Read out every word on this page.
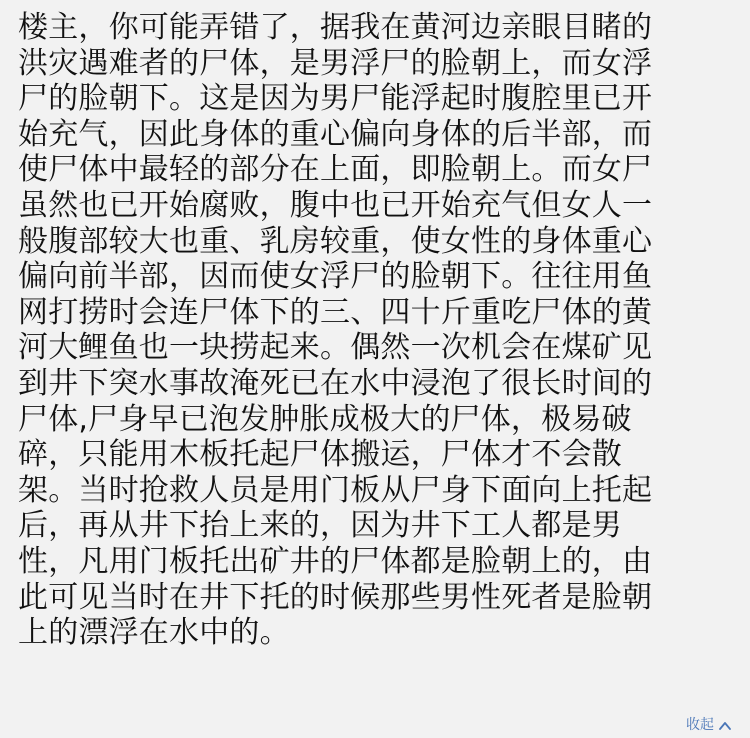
楼主，你可能弄错了，据我在黄河边亲眼目睹的
洪灾遇难者的尸体，是男浮尸的脸朝上，而女浮
尸的脸朝下。这是因为男尸能浮起时腹腔里已开
始充气，因此身体的重心偏向身体的后半部，而
使尸体中最轻的部分在上面，即脸朝上。而女尸
虽然也已开始腐败，腹中也已开始充气但女人一
般腹部较大也重、乳房较重，使女性的身体重心
偏向前半部，因而使女浮尸的脸朝下。往往用鱼
网打捞时会连尸体下的三、四十斤重吃尸体的黄
河大鲤鱼也一块捞起来。偶然一次机会在煤矿见
到井下突水事故淹死已在水中浸泡了很长时间的
尸体,尸身早已泡发肿胀成极大的尸体，极易破
碎，只能用木板托起尸体搬运，尸体才不会散
架。当时抢救人员是用门板从尸身下面向上托起
后，再从井下抬上来的，因为井下工人都是男
性，凡用门板托出矿井的尸体都是脸朝上的，由
此可见当时在井下托的时候那些男性死者是脸朝
上的漂浮在水中的。
收起
